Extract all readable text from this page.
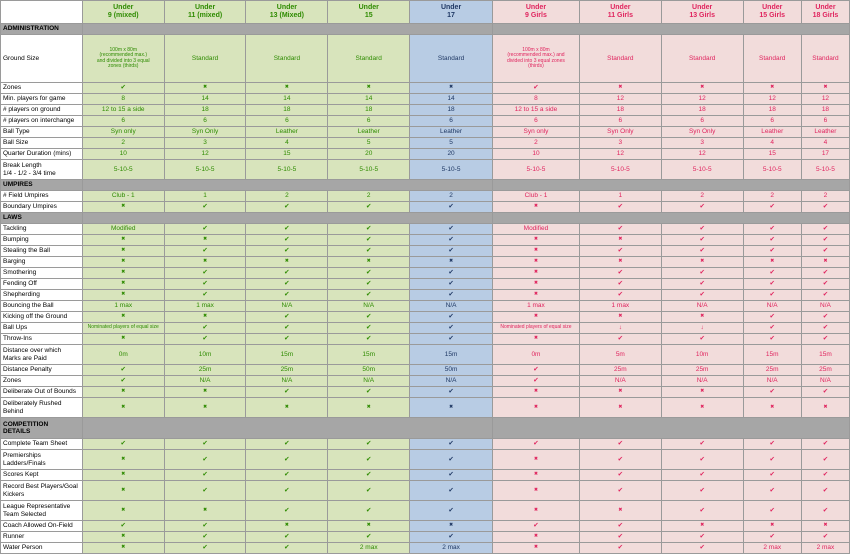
	Under
9 (mixed)	Under
11 (mixed)	Under
13 (Mixed)	Under
15	Under
17	Under
9 Girls	Under
11 Girls	Under
13 Girls	Under
15 Girls	Under
18 Girls
ADMINISTRATION										
Ground Size	100m x 80m
(recommended max.)
and divided into 3 equal
zones (thirds)	Standard	Standard	Standard	Standard	100m x 80m
(recommended max.) and
divided into 3 equal zones
(thirds)	Standard	Standard	Standard	Standard
Zones	✔	✖	✖	✖	✖	✔	✖	✖	✖	✖
Min. players for game	8	14	14	14	14	8	12	12	12	12
# players on ground	12 to 15 a side	18	18	18	18	12 to 15 a side	18	18	18	18
# players on interchange	6	6	6	6	6	6	6	6	6	6
Ball Type	Syn only	Syn Only	Leather	Leather	Leather	Syn only	Syn Only	Syn Only	Leather	Leather
Ball Size	2	3	4	5	5	2	3	3	4	4
Quarter Duration (mins)	10	12	15	20	20	10	12	12	15	17
Break Length
1/4 - 1/2 - 3/4 time	5-10-5	5-10-5	5-10-5	5-10-5	5-10-5	5-10-5	5-10-5	5-10-5	5-10-5	5-10-5
UMPIRES										
# Field Umpires	Club - 1	1	2	2	2	Club - 1	1	2	2	2
Boundary Umpires	✖	✔	✔	✔	✔	✖	✔	✔	✔	✔
LAWS										
Tackling	Modified	✔	✔	✔	✔	Modified	✔	✔	✔	✔
Bumping	✖	✖	✔	✔	✔	✖	✖	✔	✔	✔
Stealing the Ball	✖	✔	✔	✔	✔	✖	✔	✔	✔	✔
Barging	✖	✖	✖	✖	✖	✖	✖	✖	✖	✖
Smothering	✖	✔	✔	✔	✔	✖	✔	✔	✔	✔
Fending Off	✖	✔	✔	✔	✔	✖	✔	✔	✔	✔
Shepherding	✖	✔	✔	✔	✔	✖	✔	✔	✔	✔
Bouncing the Ball	1 max	1 max	N/A	N/A	N/A	1 max	1 max	N/A	N/A	N/A
Kicking off the Ground	✖	✖	✔	✔	✔	✖	✖	✖	✔	✔
Ball Ups	Nominated players of equal size	✔	✔	✔	✔	Nominated players of equal size	↓	↓	✔	✔
Throw-Ins	✖	✔	✔	✔	✔	✖	✔	✔	✔	✔
Distance over which
Marks are Paid	0m	10m	15m	15m	15m	0m	5m	10m	15m	15m
Distance Penalty	✔	25m	25m	50m	50m	✔	25m	25m	25m	25m
Zones	✔	N/A	N/A	N/A	N/A	✔	N/A	N/A	N/A	N/A
Deliberate Out of Bounds	✖	✖	✔	✔	✔	✖	✖	✖	✔	✔
Deliberately Rushed
Behind	✖	✖	✖	✖	✖	✖	✖	✖	✖	✖
COMPETITION
DETAILS										
Complete Team Sheet	✔	✔	✔	✔	✔	✔	✔	✔	✔	✔
Premierships
Ladders/Finals	✖	✔	✔	✔	✔	✖	✔	✔	✔	✔
Scores Kept	✖	✔	✔	✔	✔	✖	✔	✔	✔	✔
Record Best Players/Goal
Kickers	✖	✔	✔	✔	✔	✖	✔	✔	✔	✔
League Representative
Team Selected	✖	✖	✔	✔	✔	✖	✖	✔	✔	✔
Coach Allowed On-Field	✔	✔	✖	✖	✖	✔	✔	✖	✖	✖
Runner	✖	✔	✔	✔	✔	✖	✔	✔	✔	✔
Water Person	✖	✔	✔	2 max	2 max	✖	✔	✔	2 max	2 max
